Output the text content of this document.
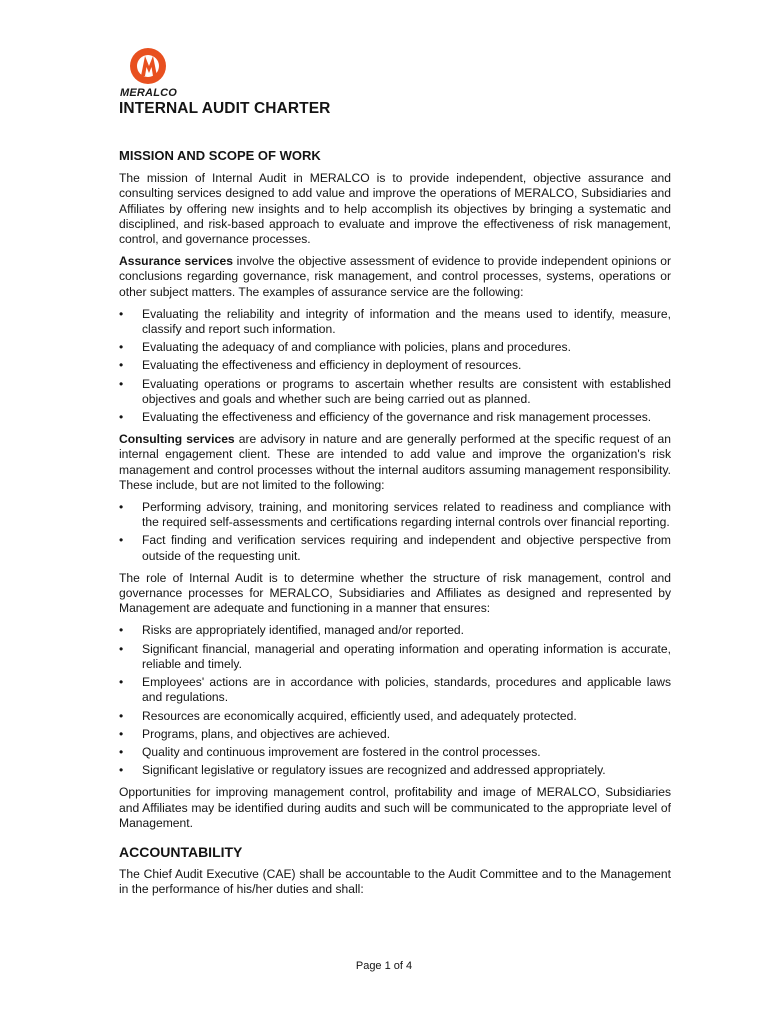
MERALCO
INTERNAL AUDIT CHARTER
MISSION AND SCOPE OF WORK

The mission of Internal Audit in MERALCO is to provide independent, objective assurance and consulting services designed to add value and improve the operations of MERALCO, Subsidiaries and Affiliates by offering new insights and to help accomplish its objectives by bringing a systematic and disciplined, and risk-based approach to evaluate and improve the effectiveness of risk management, control, and governance processes.

Assurance services involve the objective assessment of evidence to provide independent opinions or conclusions regarding governance, risk management, and control processes, systems, operations or other subject matters. The examples of assurance service are the following:

• Evaluating the reliability and integrity of information and the means used to identify, measure, classify and report such information.
• Evaluating the adequacy of and compliance with policies, plans and procedures.
• Evaluating the effectiveness and efficiency in deployment of resources.
• Evaluating operations or programs to ascertain whether results are consistent with established objectives and goals and whether such are being carried out as planned.
• Evaluating the effectiveness and efficiency of the governance and risk management processes.

Consulting services are advisory in nature and are generally performed at the specific request of an internal engagement client. These are intended to add value and improve the organization's risk management and control processes without the internal auditors assuming management responsibility. These include, but are not limited to the following:

• Performing advisory, training, and monitoring services related to readiness and compliance with the required self-assessments and certifications regarding internal controls over financial reporting.
• Fact finding and verification services requiring and independent and objective perspective from outside of the requesting unit.

The role of Internal Audit is to determine whether the structure of risk management, control and governance processes for MERALCO, Subsidiaries and Affiliates as designed and represented by Management are adequate and functioning in a manner that ensures:

• Risks are appropriately identified, managed and/or reported.
• Significant financial, managerial and operating information and operating information is accurate, reliable and timely.
• Employees' actions are in accordance with policies, standards, procedures and applicable laws and regulations.
• Resources are economically acquired, efficiently used, and adequately protected.
• Programs, plans, and objectives are achieved.
• Quality and continuous improvement are fostered in the control processes.
• Significant legislative or regulatory issues are recognized and addressed appropriately.

Opportunities for improving management control, profitability and image of MERALCO, Subsidiaries and Affiliates may be identified during audits and such will be communicated to the appropriate level of Management.

ACCOUNTABILITY

The Chief Audit Executive (CAE) shall be accountable to the Audit Committee and to the Management in the performance of his/her duties and shall:

Page 1 of 4
